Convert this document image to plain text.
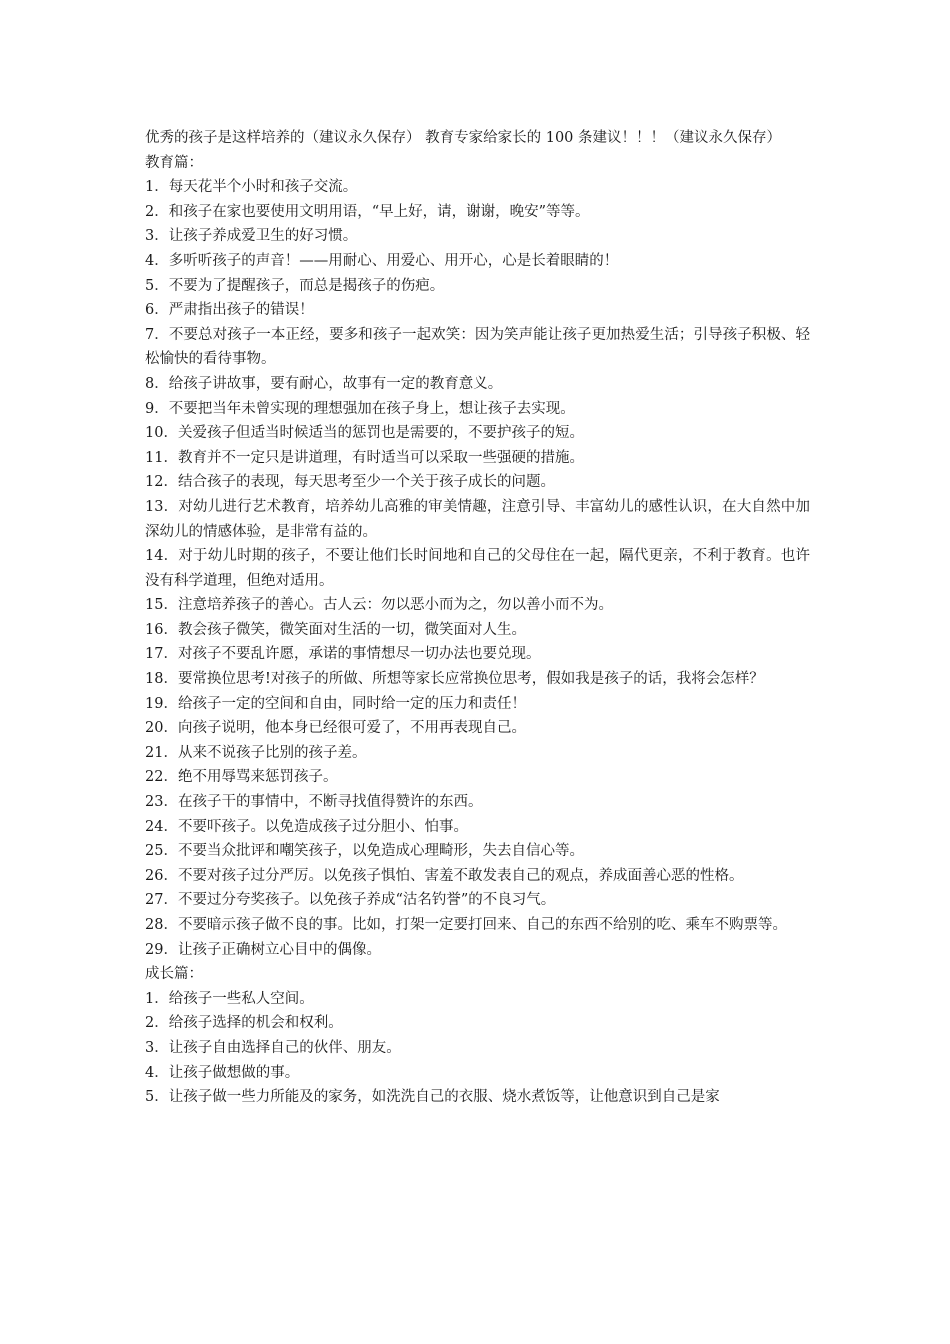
优秀的孩子是这样培养的（建议永久保存） 教育专家给家长的 100 条建议！！！（建议永久保存）

教育篇：

1．每天花半个小时和孩子交流。

2．和孩子在家也要使用文明用语，“早上好，请，谢谢，晚安”等等。

3．让孩子养成爱卫生的好习惯。

4．多听听孩子的声音！——用耐心、用爱心、用开心，心是长着眼睛的！

5．不要为了提醒孩子，而总是揭孩子的伤疤。

6．严肃指出孩子的错误！

7．不要总对孩子一本正经，要多和孩子一起欢笑：因为笑声能让孩子更加热爱生活；引导孩子积极、轻松愉快的看待事物。

8．给孩子讲故事，要有耐心，故事有一定的教育意义。

9．不要把当年未曾实现的理想强加在孩子身上，想让孩子去实现。

10．关爱孩子但适当时候适当的惩罚也是需要的，不要护孩子的短。

11．教育并不一定只是讲道理，有时适当可以采取一些强硬的措施。

12．结合孩子的表现，每天思考至少一个关于孩子成长的问题。

13．对幼儿进行艺术教育，培养幼儿高雅的审美情趣，注意引导、丰富幼儿的感性认识，在大自然中加深幼儿的情感体验，是非常有益的。

14．对于幼儿时期的孩子，不要让他们长时间地和自己的父母住在一起，隔代更亲，不利于教育。也许没有科学道理，但绝对适用。

15．注意培养孩子的善心。古人云：勿以恶小而为之，勿以善小而不为。

16．教会孩子微笑，微笑面对生活的一切，微笑面对人生。

17．对孩子不要乱许愿，承诺的事情想尽一切办法也要兑现。

18．要常换位思考!对孩子的所做、所想等家长应常换位思考，假如我是孩子的话，我将会怎样？

19．给孩子一定的空间和自由，同时给一定的压力和责任！

20．向孩子说明，他本身已经很可爱了，不用再表现自己。

21．从来不说孩子比别的孩子差。

22．绝不用辱骂来惩罚孩子。

23．在孩子干的事情中，不断寻找值得赞许的东西。

24．不要吓孩子。以免造成孩子过分胆小、怕事。

25．不要当众批评和嘲笑孩子，以免造成心理畸形，失去自信心等。

26．不要对孩子过分严厉。以免孩子惧怕、害羞不敢发表自己的观点，养成面善心恶的性格。

27．不要过分夸奖孩子。以免孩子养成“沽名钓誉”的不良习气。

28．不要暗示孩子做不良的事。比如，打架一定要打回来、自己的东西不给别的吃、乘车不购票等。

29．让孩子正确树立心目中的偶像。

成长篇：

1．给孩子一些私人空间。

2．给孩子选择的机会和权利。

3．让孩子自由选择自己的伙伴、朋友。

4．让孩子做想做的事。

5．让孩子做一些力所能及的家务，如洗洗自己的衣服、烧水煮饭等，让他意识到自己是家
